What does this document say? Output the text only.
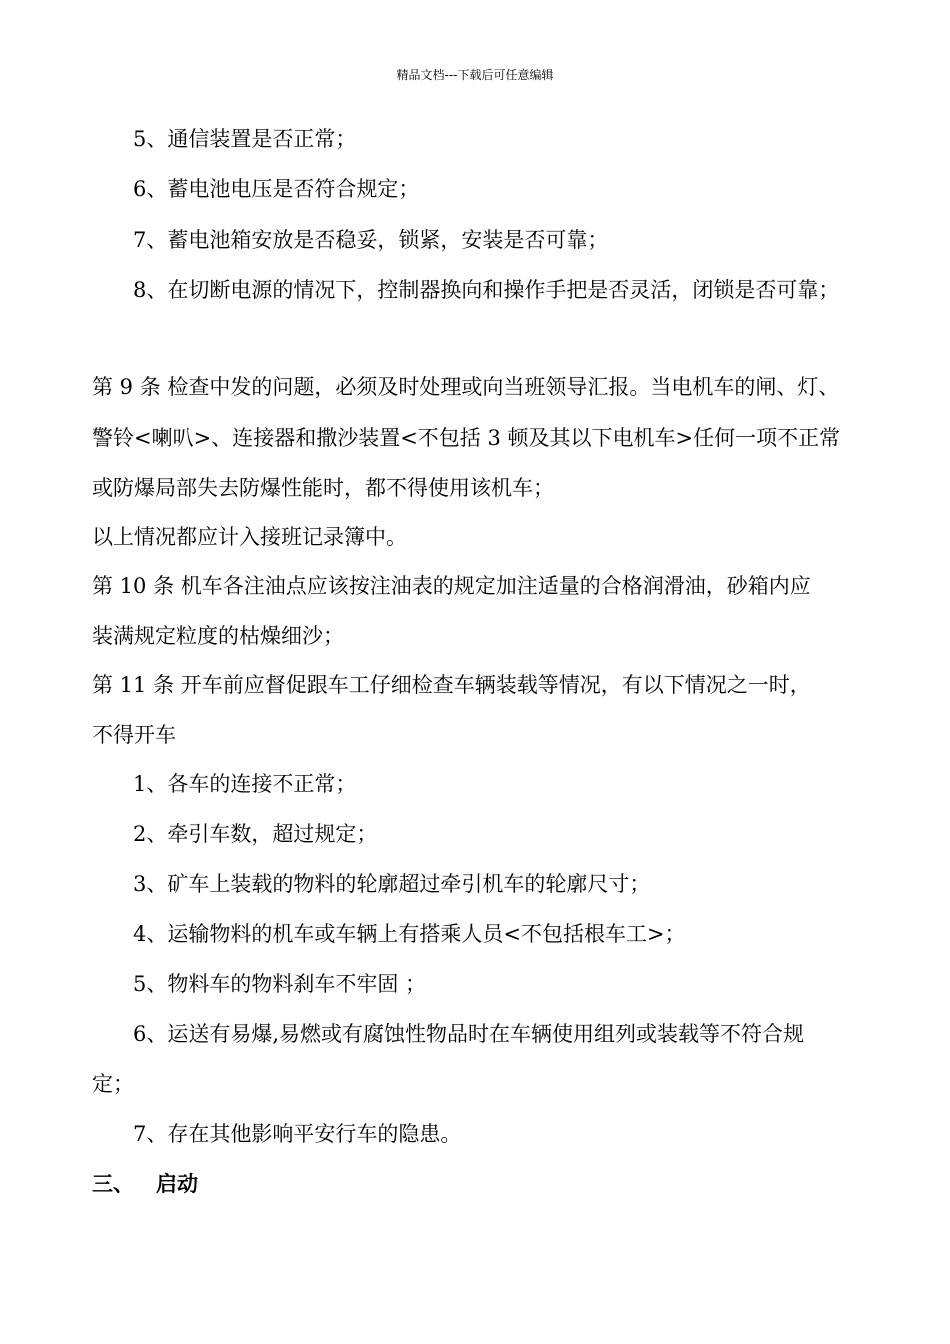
精品文档---下载后可任意编辑
5、通信装置是否正常；
6、蓄电池电压是否符合规定；
7、蓄电池箱安放是否稳妥，锁紧，安装是否可靠；
8、在切断电源的情况下，控制器换向和操作手把是否灵活，闭锁是否可靠；
第 9 条 检查中发的问题，必须及时处理或向当班领导汇报。当电机车的闸、灯、
警铃<喇叭>、连接器和撒沙装置<不包括 3 顿及其以下电机车>任何一项不正常
或防爆局部失去防爆性能时，都不得使用该机车；
以上情况都应计入接班记录簿中。
第 10 条 机车各注油点应该按注油表的规定加注适量的合格润滑油，砂箱内应
装满规定粒度的枯燥细沙；
第 11 条 开车前应督促跟车工仔细检查车辆装载等情况，有以下情况之一时，
不得开车
1、各车的连接不正常；
2、牵引车数，超过规定；
3、矿车上装载的物料的轮廓超过牵引机车的轮廓尺寸；
4、运输物料的机车或车辆上有搭乘人员<不包括根车工>；
5、物料车的物料刹车不牢固 ；
6、运送有易爆,易燃或有腐蚀性物品时在车辆使用组列或装载等不符合规
定；
7、存在其他影响平安行车的隐患。
三、 启动
